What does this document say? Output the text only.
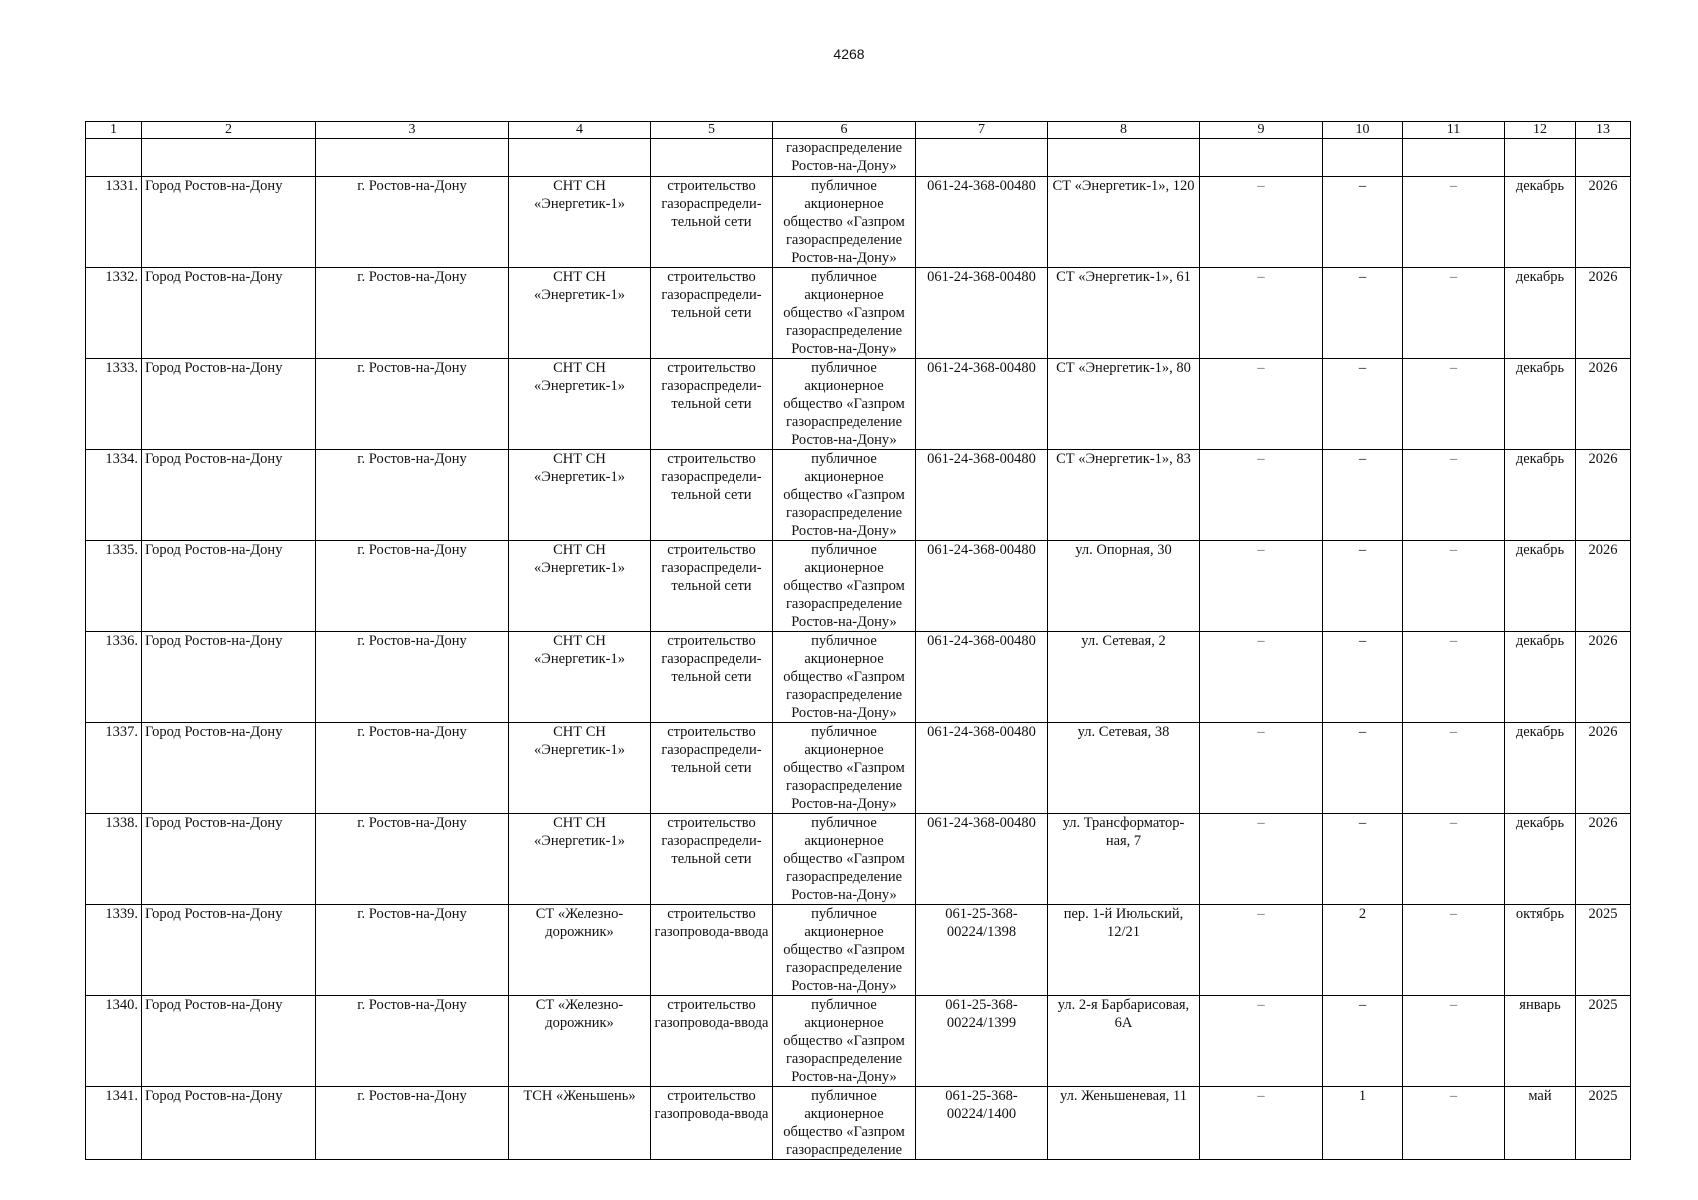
4268
1	2	3	4	5	6	7	8	9	10	11	12	13
					газораспределение Ростов-на-Дону»							
1331.	Город Ростов-на-Дону	г. Ростов-на-Дону	СНТ СН «Энергетик-1»	строительство газораспредели-тельной сети	публичное акционерное общество «Газпром газораспределение Ростов-на-Дону»	061-24-368-00480	СТ «Энергетик-1», 120	–	–	–	декабрь	2026
1332.	Город Ростов-на-Дону	г. Ростов-на-Дону	СНТ СН «Энергетик-1»	строительство газораспредели-тельной сети	публичное акционерное общество «Газпром газораспределение Ростов-на-Дону»	061-24-368-00480	СТ «Энергетик-1», 61	–	–	–	декабрь	2026
1333.	Город Ростов-на-Дону	г. Ростов-на-Дону	СНТ СН «Энергетик-1»	строительство газораспредели-тельной сети	публичное акционерное общество «Газпром газораспределение Ростов-на-Дону»	061-24-368-00480	СТ «Энергетик-1», 80	–	–	–	декабрь	2026
1334.	Город Ростов-на-Дону	г. Ростов-на-Дону	СНТ СН «Энергетик-1»	строительство газораспредели-тельной сети	публичное акционерное общество «Газпром газораспределение Ростов-на-Дону»	061-24-368-00480	СТ «Энергетик-1», 83	–	–	–	декабрь	2026
1335.	Город Ростов-на-Дону	г. Ростов-на-Дону	СНТ СН «Энергетик-1»	строительство газораспредели-тельной сети	публичное акционерное общество «Газпром газораспределение Ростов-на-Дону»	061-24-368-00480	ул. Опорная, 30	–	–	–	декабрь	2026
1336.	Город Ростов-на-Дону	г. Ростов-на-Дону	СНТ СН «Энергетик-1»	строительство газораспредели-тельной сети	публичное акционерное общество «Газпром газораспределение Ростов-на-Дону»	061-24-368-00480	ул. Сетевая, 2	–	–	–	декабрь	2026
1337.	Город Ростов-на-Дону	г. Ростов-на-Дону	СНТ СН «Энергетик-1»	строительство газораспредели-тельной сети	публичное акционерное общество «Газпром газораспределение Ростов-на-Дону»	061-24-368-00480	ул. Сетевая, 38	–	–	–	декабрь	2026
1338.	Город Ростов-на-Дону	г. Ростов-на-Дону	СНТ СН «Энергетик-1»	строительство газораспредели-тельной сети	публичное акционерное общество «Газпром газораспределение Ростов-на-Дону»	061-24-368-00480	ул. Трансформатор-ная, 7	–	–	–	декабрь	2026
1339.	Город Ростов-на-Дону	г. Ростов-на-Дону	СТ «Железно-дорожник»	строительство газопровода-ввода	публичное акционерное общество «Газпром газораспределение Ростов-на-Дону»	061-25-368-00224/1398	пер. 1-й Июльский, 12/21	–	2	–	октябрь	2025
1340.	Город Ростов-на-Дону	г. Ростов-на-Дону	СТ «Железно-дорожник»	строительство газопровода-ввода	публичное акционерное общество «Газпром газораспределение Ростов-на-Дону»	061-25-368-00224/1399	ул. 2-я Барбарисовая, 6А	–	–	–	январь	2025
1341.	Город Ростов-на-Дону	г. Ростов-на-Дону	ТСН «Женьшень»	строительство газопровода-ввода	публичное акционерное общество «Газпром газораспределение	061-25-368-00224/1400	ул. Женьшеневая, 11	–	1	–	май	2025
